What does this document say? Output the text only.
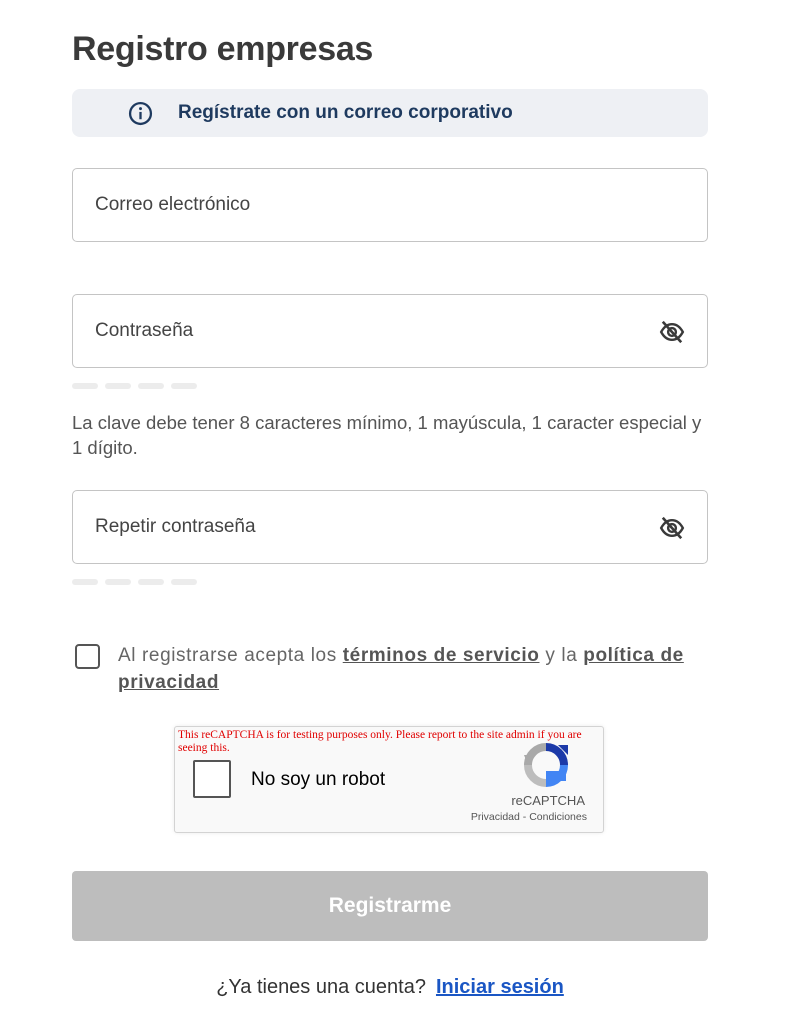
Registro empresas
Regístrate con un correo corporativo
Correo electrónico

La clave debe tener 8 caracteres mínimo, 1 mayúscula, 1 caracter especial y 1 dígito.

Al registrarse acepta los términos de servicio y la política de privacidad
This reCAPTCHA is for testing purposes only. Please report to the site admin if you are seeing this.
No soy un robot
reCAPTCHA
Privacidad - Condiciones
Registrarme
¿Ya tienes una cuenta? Iniciar sesión
